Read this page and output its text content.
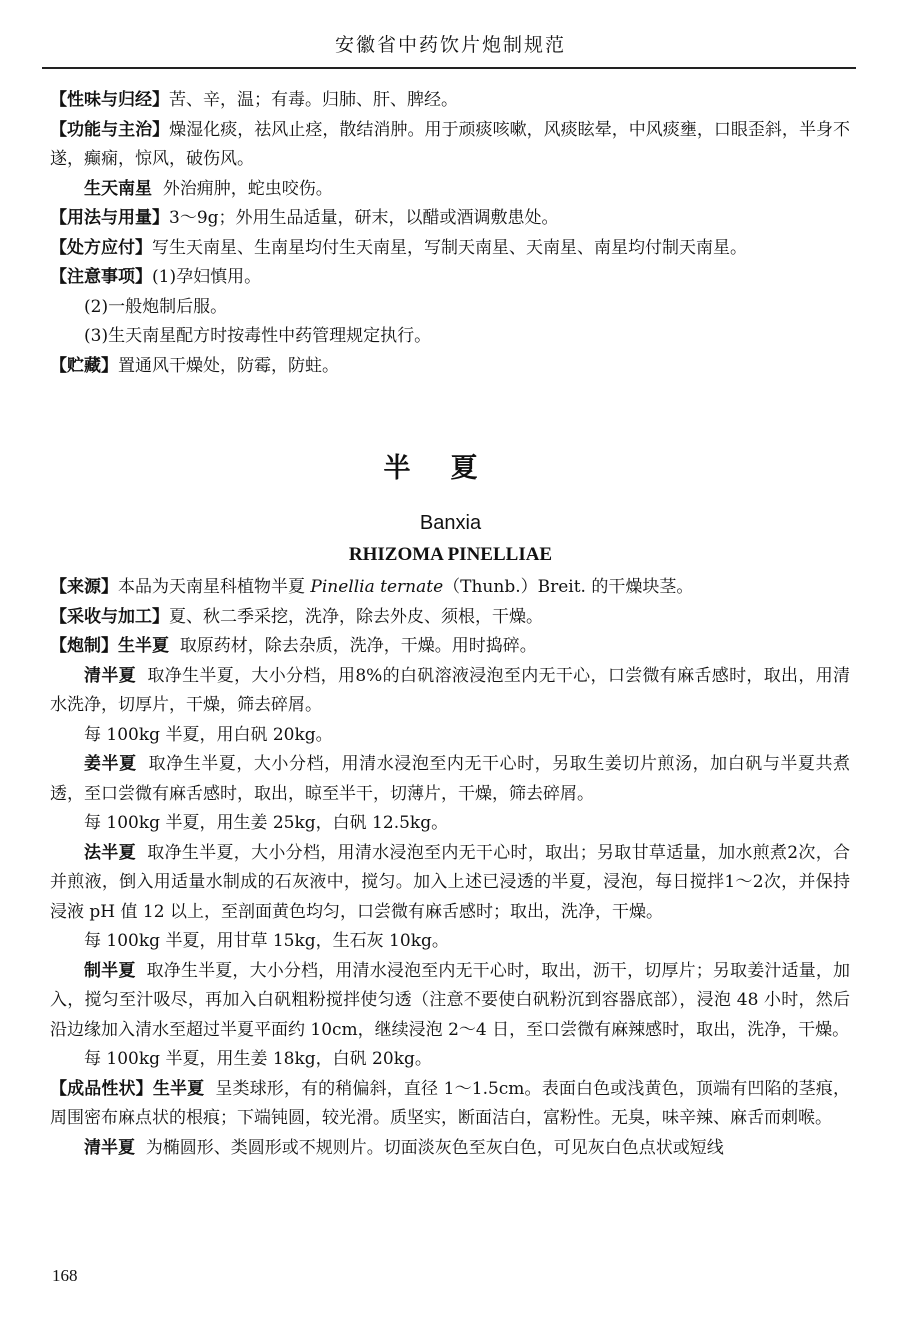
安徽省中药饮片炮制规范

【性味与归经】苦、辛，温；有毒。归肺、肝、脾经。

【功能与主治】燥湿化痰，祛风止痉，散结消肿。用于顽痰咳嗽，风痰眩晕，中风痰壅，口眼歪斜，半身不遂，癫痫，惊风，破伤风。

生天南星 外治痈肿，蛇虫咬伤。

【用法与用量】3～9g；外用生品适量，研末，以醋或酒调敷患处。

【处方应付】写生天南星、生南星均付生天南星，写制天南星、天南星、南星均付制天南星。

【注意事项】(1)孕妇慎用。

(2)一般炮制后服。

(3)生天南星配方时按毒性中药管理规定执行。

【贮藏】置通风干燥处，防霉，防蛀。

半夏
Banxia
RHIZOMA PINELLIAE

【来源】本品为天南星科植物半夏 Pinellia ternate（Thunb.）Breit. 的干燥块茎。

【采收与加工】夏、秋二季采挖，洗净，除去外皮、须根，干燥。

【炮制】生半夏 取原药材，除去杂质，洗净，干燥。用时捣碎。

清半夏 取净生半夏，大小分档，用8%的白矾溶液浸泡至内无干心，口尝微有麻舌感时，取出，用清水洗净，切厚片，干燥，筛去碎屑。

每 100kg 半夏，用白矾 20kg。

姜半夏 取净生半夏，大小分档，用清水浸泡至内无干心时，另取生姜切片煎汤，加白矾与半夏共煮透，至口尝微有麻舌感时，取出，晾至半干，切薄片，干燥，筛去碎屑。

每 100kg 半夏，用生姜 25kg，白矾 12.5kg。

法半夏 取净生半夏，大小分档，用清水浸泡至内无干心时，取出；另取甘草适量，加水煎煮2次，合并煎液，倒入用适量水制成的石灰液中，搅匀。加入上述已浸透的半夏，浸泡，每日搅拌1～2次，并保持浸液 pH 值 12 以上，至剖面黄色均匀，口尝微有麻舌感时；取出，洗净，干燥。

每 100kg 半夏，用甘草 15kg，生石灰 10kg。

制半夏 取净生半夏，大小分档，用清水浸泡至内无干心时，取出，沥干，切厚片；另取姜汁适量，加入，搅匀至汁吸尽，再加入白矾粗粉搅拌使匀透（注意不要使白矾粉沉到容器底部），浸泡 48 小时，然后沿边缘加入清水至超过半夏平面约 10cm，继续浸泡 2～4 日，至口尝微有麻辣感时，取出，洗净，干燥。

每 100kg 半夏，用生姜 18kg，白矾 20kg。

【成品性状】生半夏 呈类球形，有的稍偏斜，直径 1～1.5cm。表面白色或浅黄色，顶端有凹陷的茎痕，周围密布麻点状的根痕；下端钝圆，较光滑。质坚实，断面洁白，富粉性。无臭，味辛辣、麻舌而刺喉。

清半夏 为椭圆形、类圆形或不规则片。切面淡灰色至灰白色，可见灰白色点状或短线

168
